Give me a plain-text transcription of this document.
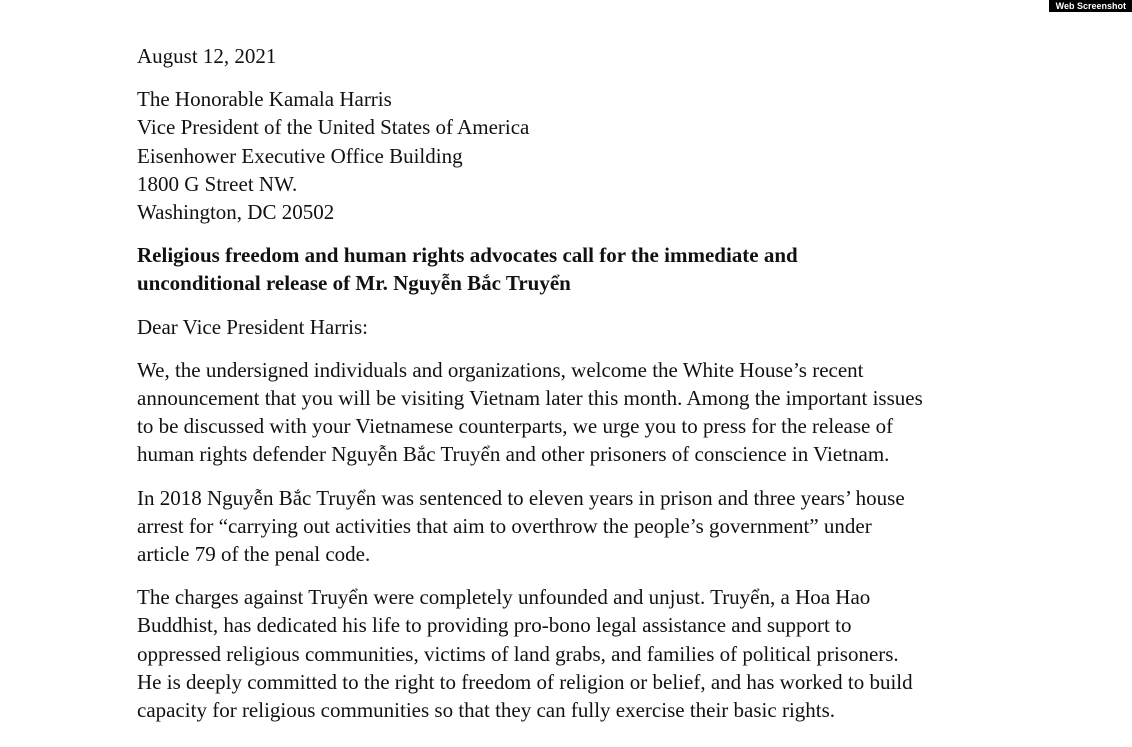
Web Screenshot
August 12, 2021
The Honorable Kamala Harris
Vice President of the United States of America
Eisenhower Executive Office Building
1800 G Street NW.
Washington, DC 20502
Religious freedom and human rights advocates call for the immediate and
unconditional release of Mr. Nguyễn Bắc Truyển
Dear Vice President Harris:
We, the undersigned individuals and organizations, welcome the White House’s recent
announcement that you will be visiting Vietnam later this month. Among the important issues
to be discussed with your Vietnamese counterparts, we urge you to press for the release of
human rights defender Nguyễn Bắc Truyển and other prisoners of conscience in Vietnam.
In 2018 Nguyễn Bắc Truyển was sentenced to eleven years in prison and three years’ house
arrest for “carrying out activities that aim to overthrow the people’s government” under
article 79 of the penal code.
The charges against Truyển were completely unfounded and unjust. Truyển, a Hoa Hao
Buddhist, has dedicated his life to providing pro-bono legal assistance and support to
oppressed religious communities, victims of land grabs, and families of political prisoners.
He is deeply committed to the right to freedom of religion or belief, and has worked to build
capacity for religious communities so that they can fully exercise their basic rights.
